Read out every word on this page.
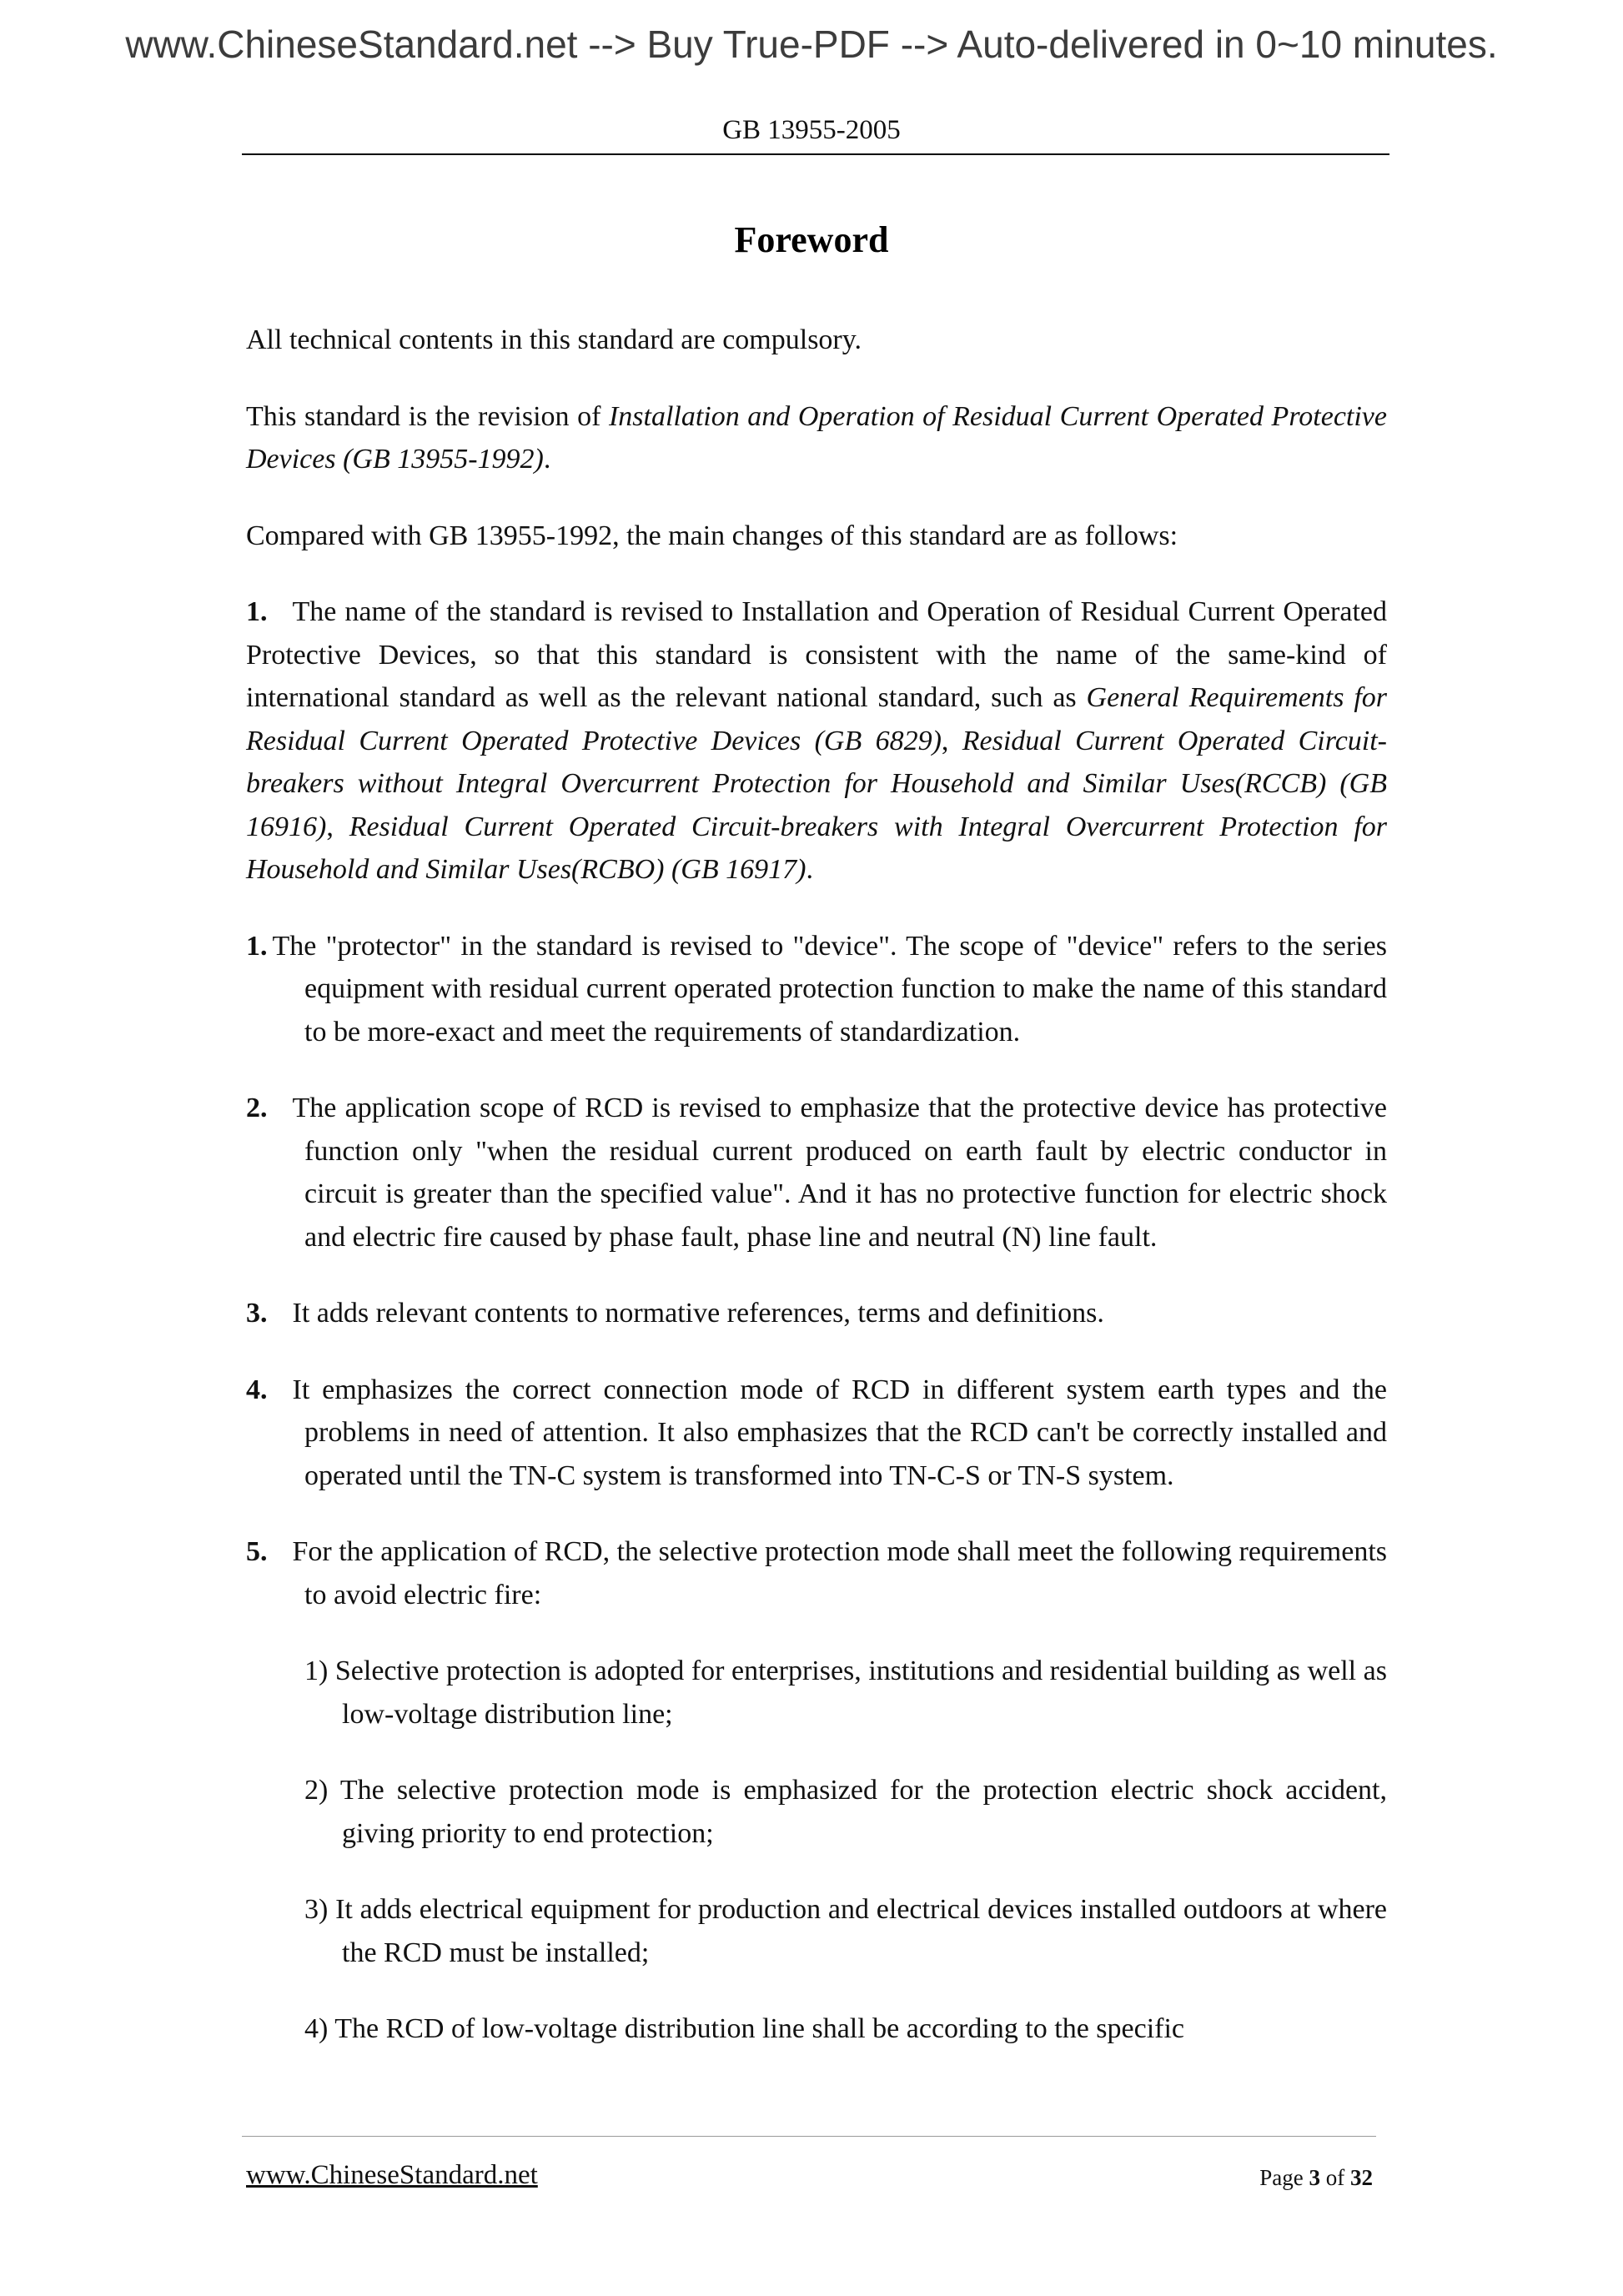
www.ChineseStandard.net --> Buy True-PDF --> Auto-delivered in 0~10 minutes.
GB 13955-2005
Foreword

All technical contents in this standard are compulsory.

This standard is the revision of Installation and Operation of Residual Current Operated Protective Devices (GB 13955-1992).

Compared with GB 13955-1992, the main changes of this standard are as follows:

1. The name of the standard is revised to Installation and Operation of Residual Current Operated Protective Devices, so that this standard is consistent with the name of the same-kind of international standard as well as the relevant national standard, such as General Requirements for Residual Current Operated Protective Devices (GB 6829), Residual Current Operated Circuit-breakers without Integral Overcurrent Protection for Household and Similar Uses(RCCB) (GB 16916), Residual Current Operated Circuit-breakers with Integral Overcurrent Protection for Household and Similar Uses(RCBO) (GB 16917).

1. The "protector" in the standard is revised to "device". The scope of "device" refers to the series equipment with residual current operated protection function to make the name of this standard to be more-exact and meet the requirements of standardization.

2. The application scope of RCD is revised to emphasize that the protective device has protective function only "when the residual current produced on earth fault by electric conductor in circuit is greater than the specified value". And it has no protective function for electric shock and electric fire caused by phase fault, phase line and neutral (N) line fault.

3. It adds relevant contents to normative references, terms and definitions.

4. It emphasizes the correct connection mode of RCD in different system earth types and the problems in need of attention. It also emphasizes that the RCD can't be correctly installed and operated until the TN-C system is transformed into TN-C-S or TN-S system.

5. For the application of RCD, the selective protection mode shall meet the following requirements to avoid electric fire:

1) Selective protection is adopted for enterprises, institutions and residential building as well as low-voltage distribution line;

2) The selective protection mode is emphasized for the protection electric shock accident, giving priority to end protection;

3) It adds electrical equipment for production and electrical devices installed outdoors at where the RCD must be installed;

4) The RCD of low-voltage distribution line shall be according to the specific

www.ChineseStandard.net	Page 3 of 32
